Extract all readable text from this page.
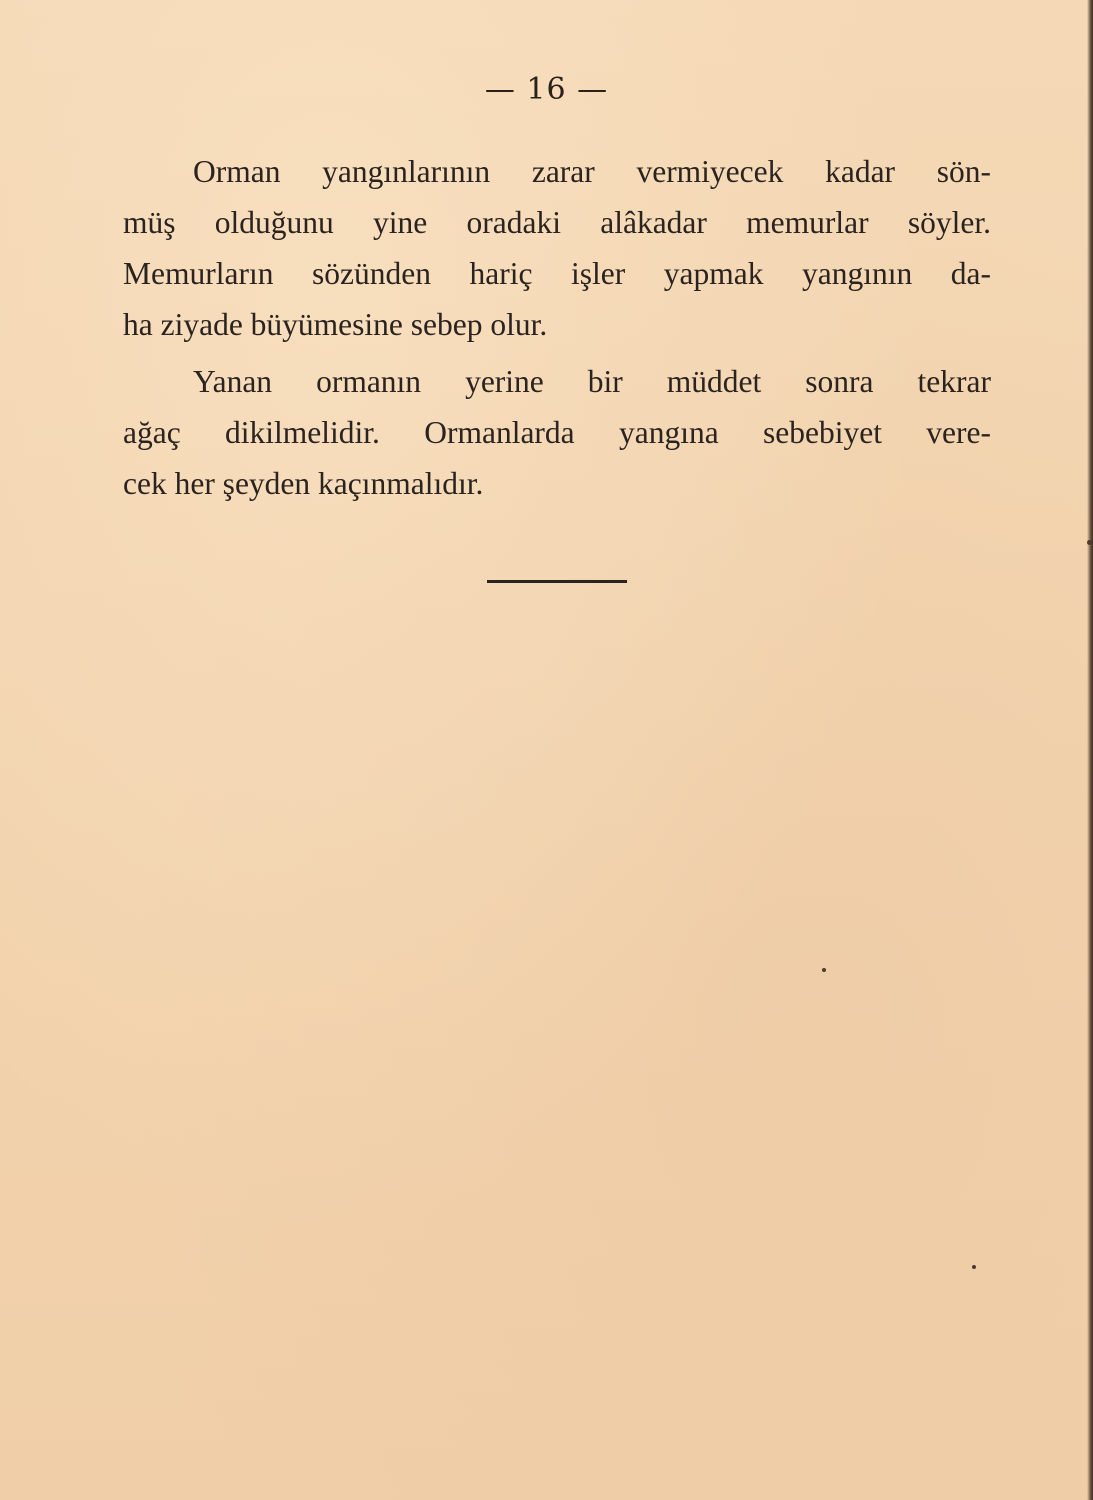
— 16 —
Orman yangınlarının zarar vermiyecek kadar sön-
müş olduğunu yine oradaki alâkadar memurlar söyler.
Memurların sözünden hariç işler yapmak yangının da-
ha ziyade büyümesine sebep olur.
Yanan ormanın yerine bir müddet sonra tekrar
ağaç dikilmelidir. Ormanlarda yangına sebebiyet vere-
cek her şeyden kaçınmalıdır.
